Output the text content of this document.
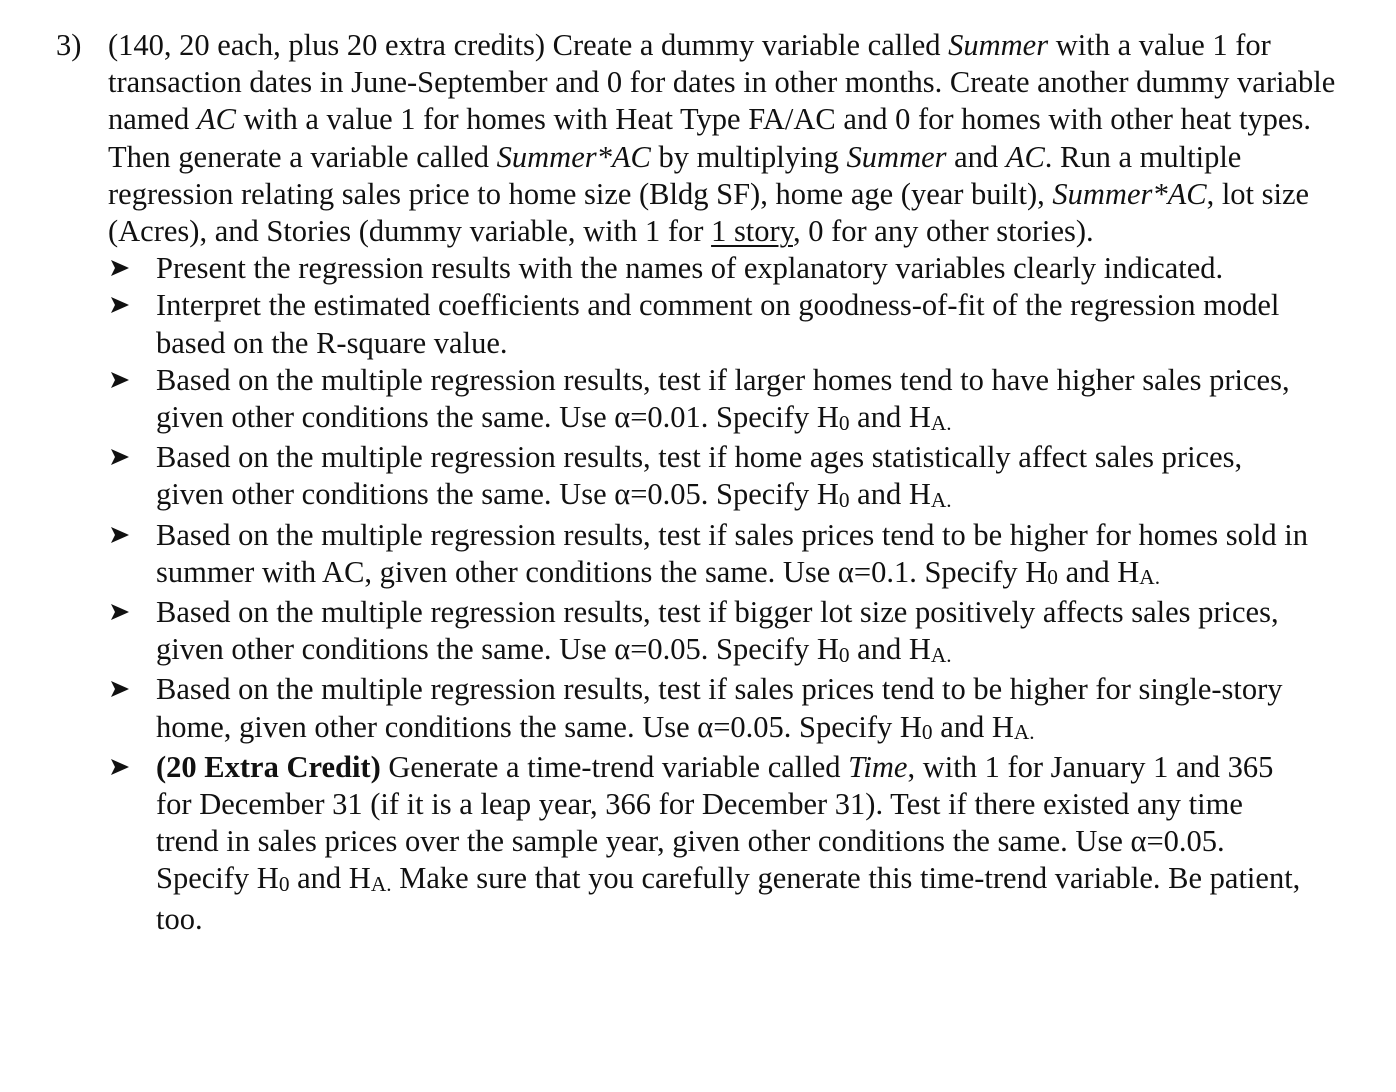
3) (140, 20 each, plus 20 extra credits) Create a dummy variable called Summer with a value 1 for transaction dates in June-September and 0 for dates in other months. Create another dummy variable named AC with a value 1 for homes with Heat Type FA/AC and 0 for homes with other heat types. Then generate a variable called Summer*AC by multiplying Summer and AC. Run a multiple regression relating sales price to home size (Bldg SF), home age (year built), Summer*AC, lot size (Acres), and Stories (dummy variable, with 1 for 1 story, 0 for any other stories).
Present the regression results with the names of explanatory variables clearly indicated.
Interpret the estimated coefficients and comment on goodness-of-fit of the regression model based on the R-square value.
Based on the multiple regression results, test if larger homes tend to have higher sales prices, given other conditions the same. Use α=0.01. Specify $H_0$ and $H_{A.}$
Based on the multiple regression results, test if home ages statistically affect sales prices, given other conditions the same. Use α=0.05. Specify $H_0$ and $H_{A.}$
Based on the multiple regression results, test if sales prices tend to be higher for homes sold in summer with AC, given other conditions the same. Use α=0.1. Specify $H_0$ and $H_{A.}$
Based on the multiple regression results, test if bigger lot size positively affects sales prices, given other conditions the same. Use α=0.05. Specify $H_0$ and $H_{A.}$
Based on the multiple regression results, test if sales prices tend to be higher for single-story home, given other conditions the same. Use α=0.05. Specify $H_0$ and $H_{A.}$
(20 Extra Credit) Generate a time-trend variable called Time, with 1 for January 1 and 365 for December 31 (if it is a leap year, 366 for December 31). Test if there existed any time trend in sales prices over the sample year, given other conditions the same. Use α=0.05. Specify $H_0$ and $H_{A.}$ Make sure that you carefully generate this time-trend variable. Be patient, too.
